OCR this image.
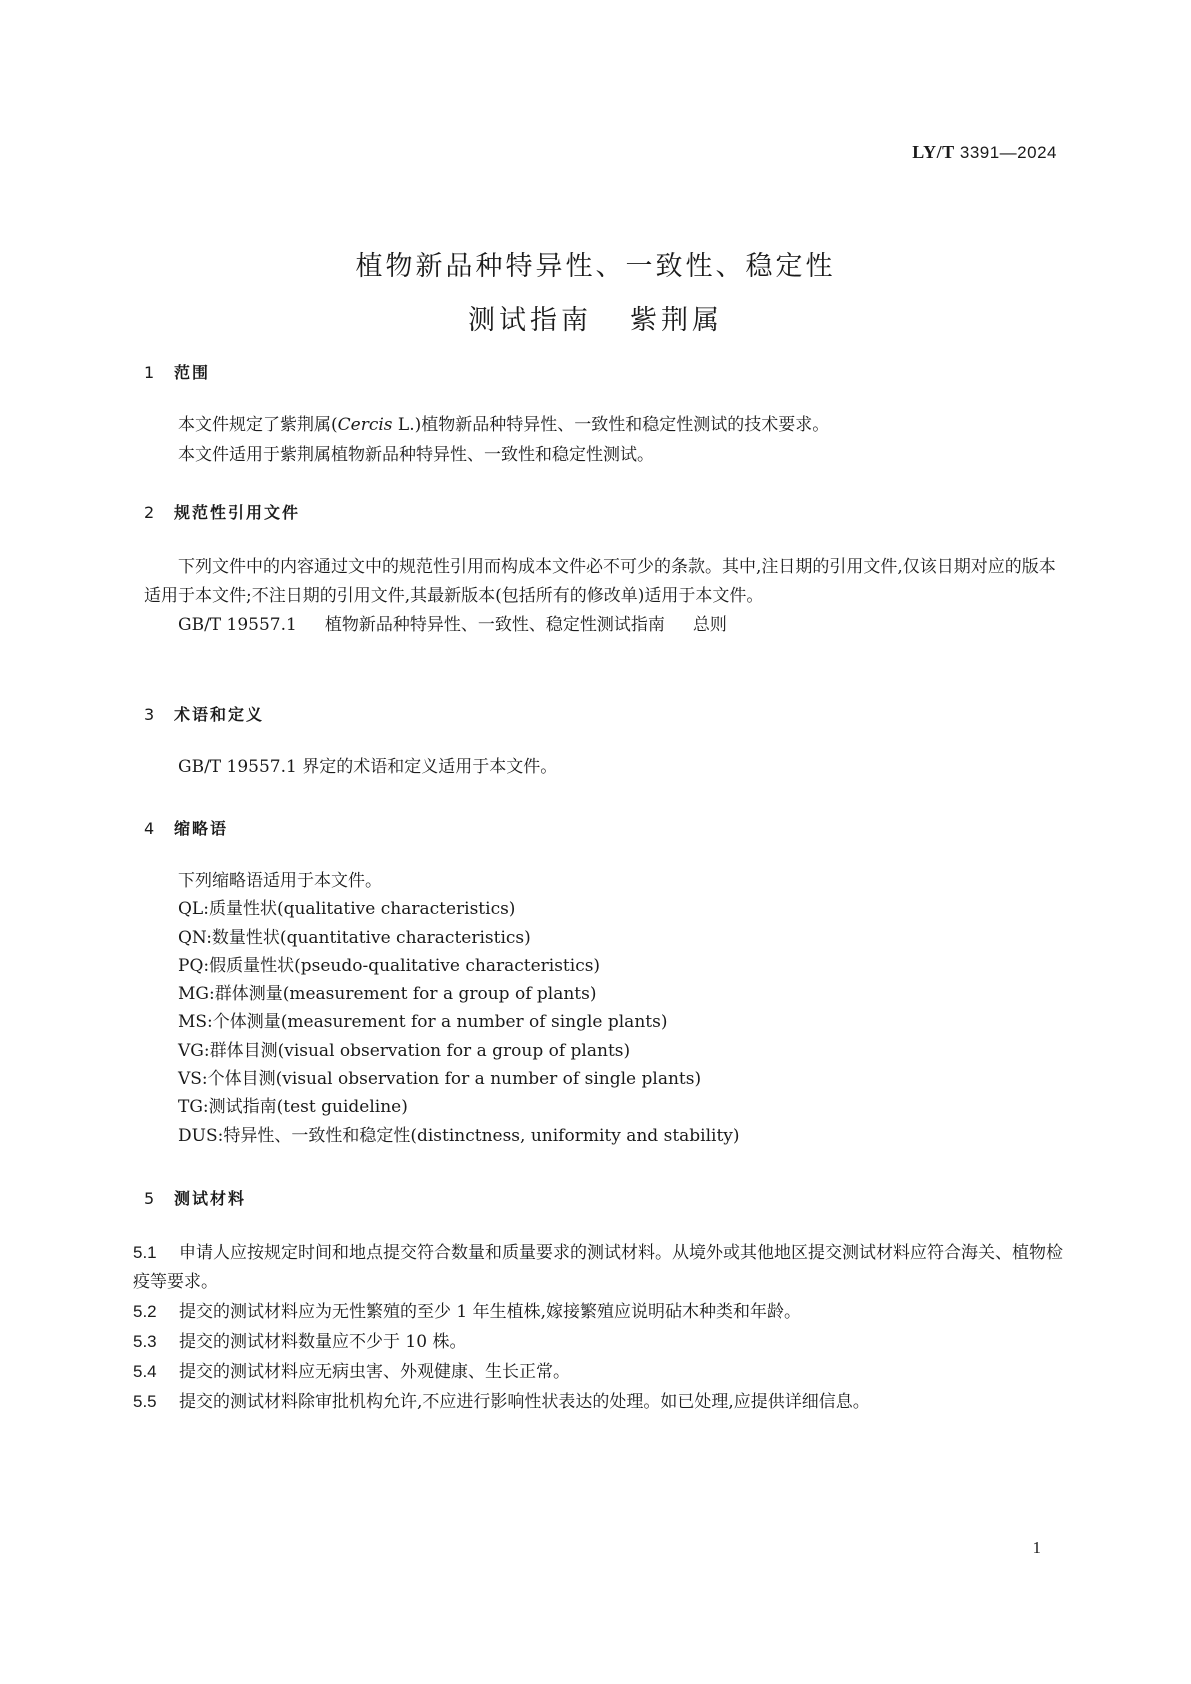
LY/T 3391—2024
植物新品种特异性、一致性、稳定性
测试指南 紫荆属
1 范围

本文件规定了紫荆属(Cercis L.)植物新品种特异性、一致性和稳定性测试的技术要求。

本文件适用于紫荆属植物新品种特异性、一致性和稳定性测试。

2 规范性引用文件

下列文件中的内容通过文中的规范性引用而构成本文件必不可少的条款。其中,注日期的引用文件,仅该日期对应的版本适用于本文件;不注日期的引用文件,其最新版本(包括所有的修改单)适用于本文件。

GB/T 19557.1 植物新品种特异性、一致性、稳定性测试指南 总则

3 术语和定义

GB/T 19557.1 界定的术语和定义适用于本文件。

4 缩略语

下列缩略语适用于本文件。

QL:质量性状(qualitative characteristics)

QN:数量性状(quantitative characteristics)

PQ:假质量性状(pseudo-qualitative characteristics)

MG:群体测量(measurement for a group of plants)

MS:个体测量(measurement for a number of single plants)

VG:群体目测(visual observation for a group of plants)

VS:个体目测(visual observation for a number of single plants)

TG:测试指南(test guideline)

DUS:特异性、一致性和稳定性(distinctness, uniformity and stability)

5 测试材料

5.1 申请人应按规定时间和地点提交符合数量和质量要求的测试材料。从境外或其他地区提交测试材料应符合海关、植物检疫等要求。

5.2 提交的测试材料应为无性繁殖的至少 1 年生植株,嫁接繁殖应说明砧木种类和年龄。

5.3 提交的测试材料数量应不少于 10 株。

5.4 提交的测试材料应无病虫害、外观健康、生长正常。

5.5 提交的测试材料除审批机构允许,不应进行影响性状表达的处理。如已处理,应提供详细信息。

1
